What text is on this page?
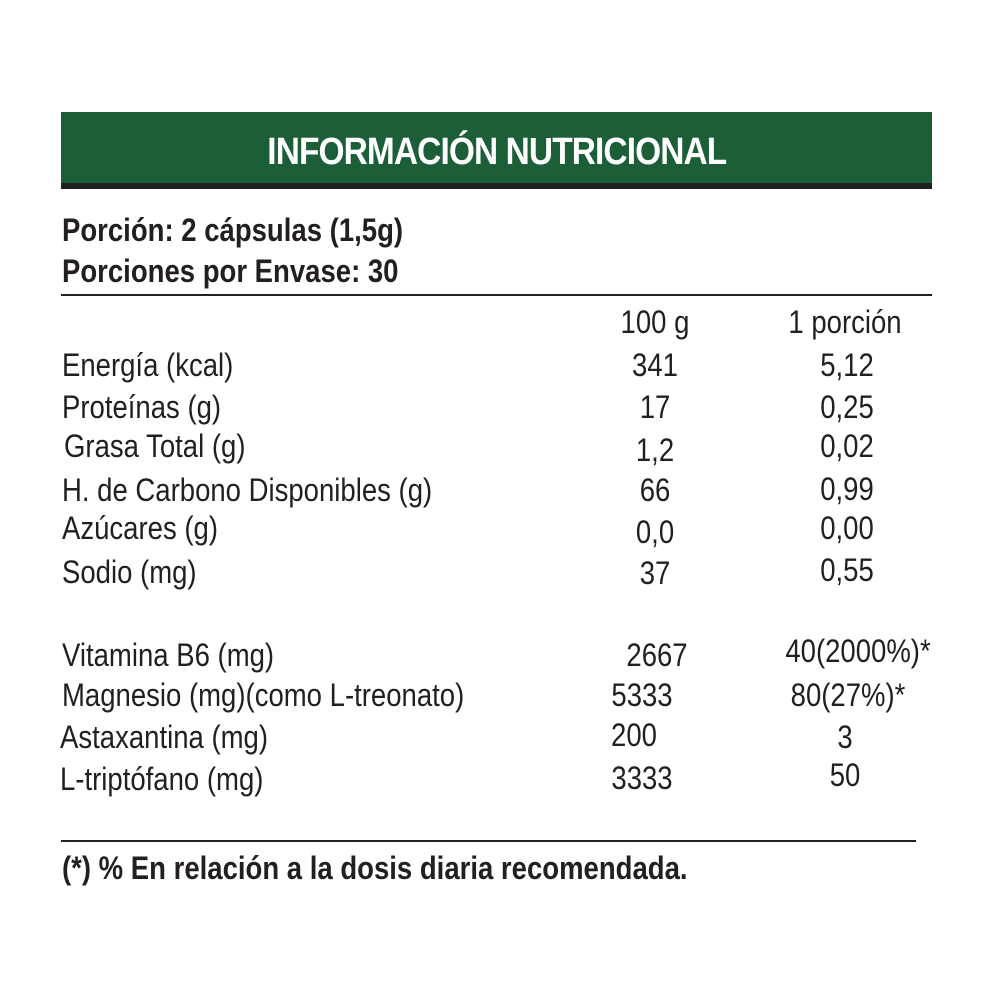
INFORMACIÓN NUTRICIONAL
Porción: 2 cápsulas (1,5g)
Porciones por Envase: 30
100 g	1 porción
Energía (kcal)	341	5,12
Proteínas (g)	17	0,25
Grasa Total (g)	1,2	0,02
H. de Carbono Disponibles (g)	66	0,99
Azúcares (g)	0,0	0,00
Sodio (mg)	37	0,55
Vitamina B6 (mg)	2667	40(2000%)*
Magnesio (mg)(como L-treonato)	5333	80(27%)*
Astaxantina (mg)	200	3
L-triptófano (mg)	3333	50
(*) % En relación a la dosis diaria recomendada.
